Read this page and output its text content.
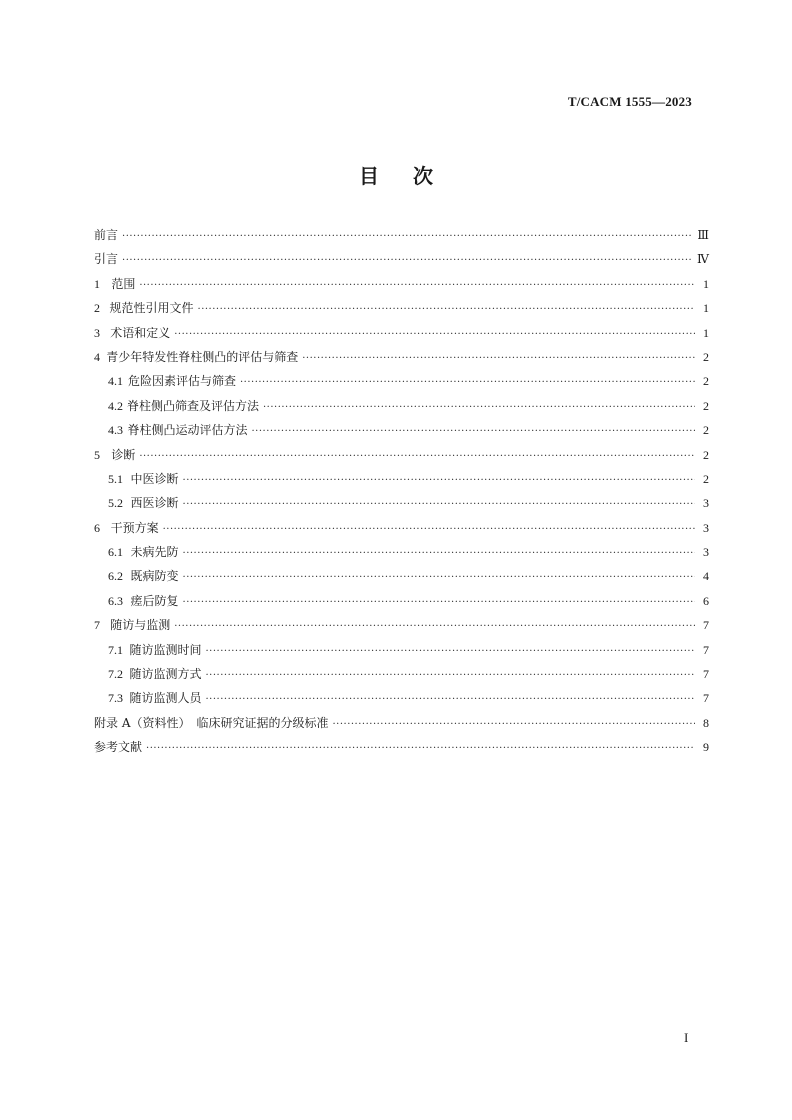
T/CACM 1555—2023
目 次
前言 ·····	Ⅲ
引言 ·····	Ⅳ
1 范围 ·····	1
2 规范性引用文件 ·····	1
3 术语和定义 ·····	1
4 青少年特发性脊柱侧凸的评估与筛查 ·····	2
4.1 危险因素评估与筛查 ·····	2
4.2 脊柱侧凸筛查及评估方法 ·····	2
4.3 脊柱侧凸运动评估方法 ·····	2
5 诊断 ·····	2
5.1 中医诊断 ·····	2
5.2 西医诊断 ·····	3
6 干预方案 ·····	3
6.1 未病先防 ·····	3
6.2 既病防变 ·····	4
6.3 瘥后防复 ·····	6
7 随访与监测 ·····	7
7.1 随访监测时间 ·····	7
7.2 随访监测方式 ·····	7
7.3 随访监测人员 ·····	7
附录 A（资料性）　临床研究证据的分级标准 ·····	8
参考文献 ·····	9
I
